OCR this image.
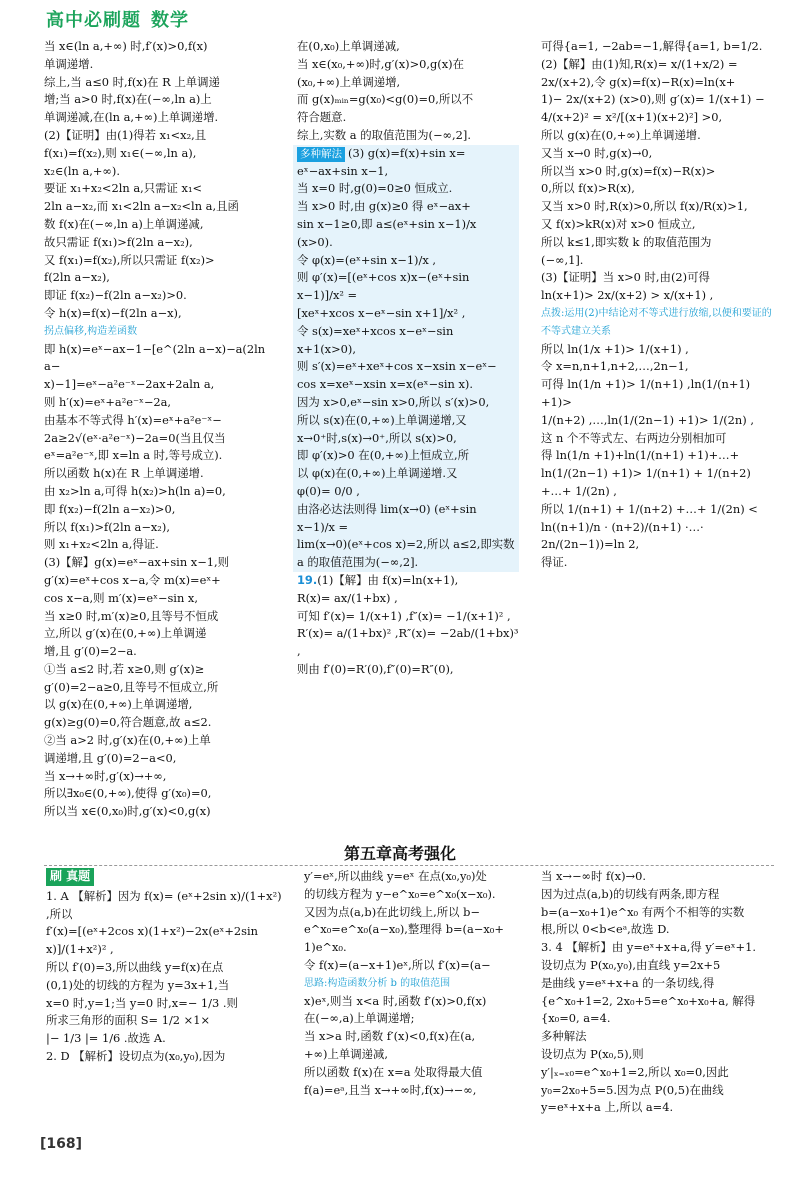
高中必刷题 数学

当 x∈(ln a,+∞) 时,f′(x)>0,f(x)

单调递增.

综上,当 a≤0 时,f(x)在 R 上单调递

增;当 a>0 时,f(x)在(−∞,ln a)上

单调递减,在(ln a,+∞)上单调递增.

(2)【证明】由(1)得若 x₁<x₂,且

f(x₁)=f(x₂),则 x₁∈(−∞,ln a),

x₂∈(ln a,+∞).

要证 x₁+x₂<2ln a,只需证 x₁<

2ln a−x₂,而 x₁<2ln a−x₂<ln a,且函

数 f(x)在(−∞,ln a)上单调递减,

故只需证 f(x₁)>f(2ln a−x₂),

又 f(x₁)=f(x₂),所以只需证 f(x₂)>

f(2ln a−x₂),

即证 f(x₂)−f(2ln a−x₂)>0.

令 h(x)=f(x)−f(2ln a−x),

拐点偏移,构造差函数

即 h(x)=eˣ−ax−1−[e^(2ln a−x)−a(2ln a−

x)−1]=eˣ−a²e⁻ˣ−2ax+2aln a,

则 h′(x)=eˣ+a²e⁻ˣ−2a,

由基本不等式得 h′(x)=eˣ+a²e⁻ˣ−

2a≥2√(eˣ·a²e⁻ˣ)−2a=0(当且仅当

eˣ=a²e⁻ˣ,即 x=ln a 时,等号成立).

所以函数 h(x)在 R 上单调递增.

由 x₂>ln a,可得 h(x₂)>h(ln a)=0,

即 f(x₂)−f(2ln a−x₂)>0,

所以 f(x₁)>f(2ln a−x₂),

则 x₁+x₂<2ln a,得证.

(3)【解】g(x)=eˣ−ax+sin x−1,则

g′(x)=eˣ+cos x−a,令 m(x)=eˣ+

cos x−a,则 m′(x)=eˣ−sin x,

当 x≥0 时,m′(x)≥0,且等号不恒成

立,所以 g′(x)在(0,+∞)上单调递

增,且 g′(0)=2−a.

①当 a≤2 时,若 x≥0,则 g′(x)≥

g′(0)=2−a≥0,且等号不恒成立,所

以 g(x)在(0,+∞)上单调递增,

g(x)≥g(0)=0,符合题意,故 a≤2.

②当 a>2 时,g′(x)在(0,+∞)上单

调递增,且 g′(0)=2−a<0,

当 x→+∞时,g′(x)→+∞,

所以∃x₀∈(0,+∞),使得 g′(x₀)=0,

所以当 x∈(0,x₀)时,g′(x)<0,g(x)

在(0,x₀)上单调递减,

当 x∈(x₀,+∞)时,g′(x)>0,g(x)在

(x₀,+∞)上单调递增,

而 g(x)ₘᵢₙ=g(x₀)<g(0)=0,所以不

符合题意.

综上,实数 a 的取值范围为(−∞,2].

多种解法 (3) g(x)=f(x)+sin x=

eˣ−ax+sin x−1,

当 x=0 时,g(0)=0≥0 恒成立.

当 x>0 时,由 g(x)≥0 得 eˣ−ax+

sin x−1≥0,即 a≤(eˣ+sin x−1)/x (x>0).

令 φ(x)=(eˣ+sin x−1)/x ,

则 φ′(x)=[(eˣ+cos x)x−(eˣ+sin x−1)]/x² =

[xeˣ+xcos x−eˣ−sin x+1]/x² ,

令 s(x)=xeˣ+xcos x−eˣ−sin x+1(x>0),

则 s′(x)=eˣ+xeˣ+cos x−xsin x−eˣ−

cos x=xeˣ−xsin x=x(eˣ−sin x).

因为 x>0,eˣ−sin x>0,所以 s′(x)>0,

所以 s(x)在(0,+∞)上单调递增,又

x→0⁺时,s(x)→0⁺,所以 s(x)>0,

即 φ′(x)>0 在(0,+∞)上恒成立,所

以 φ(x)在(0,+∞)上单调递增.又

φ(0)= 0/0 ,

由洛必达法则得 lim(x→0) (eˣ+sin x−1)/x =

lim(x→0)(eˣ+cos x)=2,所以 a≤2,即实数

a 的取值范围为(−∞,2].

19.(1)【解】由 f(x)=ln(x+1),

R(x)= ax/(1+bx) ,

可知 f′(x)= 1/(x+1) ,f″(x)= −1/(x+1)² ,

R′(x)= a/(1+bx)² ,R″(x)= −2ab/(1+bx)³ ,

则由 f′(0)=R′(0),f″(0)=R″(0),

可得{a=1, −2ab=−1,解得{a=1, b=1/2.

(2)【解】由(1)知,R(x)= x/(1+x/2) =

2x/(x+2),令 g(x)=f(x)−R(x)=ln(x+

1)− 2x/(x+2) (x>0),则 g′(x)= 1/(x+1) −

4/(x+2)² = x²/[(x+1)(x+2)²] >0,

所以 g(x)在(0,+∞)上单调递增.

又当 x→0 时,g(x)→0,

所以当 x>0 时,g(x)=f(x)−R(x)>

0,所以 f(x)>R(x),

又当 x>0 时,R(x)>0,所以 f(x)/R(x)>1,

又 f(x)>kR(x)对 x>0 恒成立,

所以 k≤1,即实数 k 的取值范围为

(−∞,1].

(3)【证明】当 x>0 时,由(2)可得

ln(x+1)> 2x/(x+2) > x/(x+1) ,

点拨:运用(2)中结论对不等式进行放缩,以便和要证的不等式建立关系

所以 ln(1/x +1)> 1/(x+1) ,

令 x=n,n+1,n+2,…,2n−1,

可得 ln(1/n +1)> 1/(n+1) ,ln(1/(n+1) +1)>

1/(n+2) ,…,ln(1/(2n−1) +1)> 1/(2n) ,

这 n 个不等式左、右两边分别相加可

得 ln(1/n +1)+ln(1/(n+1) +1)+…+

ln(1/(2n−1) +1)> 1/(n+1) + 1/(n+2) +…+ 1/(2n) ,

所以 1/(n+1) + 1/(n+2) +…+ 1/(2n) <

ln((n+1)/n · (n+2)/(n+1) ·…· 2n/(2n−1))=ln 2,

得证.

第五章高考强化
刷 真题

1. A 【解析】因为 f(x)= (eˣ+2sin x)/(1+x²) ,所以

f′(x)=[(eˣ+2cos x)(1+x²)−2x(eˣ+2sin x)]/(1+x²)² ,

所以 f′(0)=3,所以曲线 y=f(x)在点

(0,1)处的切线的方程为 y=3x+1,当

x=0 时,y=1;当 y=0 时,x=− 1/3 .则

所求三角形的面积 S= 1/2 ×1×

|− 1/3 |= 1/6 .故选 A.

2. D 【解析】设切点为(x₀,y₀),因为

y′=eˣ,所以曲线 y=eˣ 在点(x₀,y₀)处

的切线方程为 y−e^x₀=e^x₀(x−x₀).

又因为点(a,b)在此切线上,所以 b−

e^x₀=e^x₀(a−x₀),整理得 b=(a−x₀+

1)e^x₀.

令 f(x)=(a−x+1)eˣ,所以 f′(x)=(a−

思路:构造函数分析 b 的取值范围

x)eˣ,则当 x<a 时,函数 f′(x)>0,f(x)

在(−∞,a)上单调递增;

当 x>a 时,函数 f′(x)<0,f(x)在(a,

+∞)上单调递减,

所以函数 f(x)在 x=a 处取得最大值

f(a)=eᵃ,且当 x→+∞时,f(x)→−∞,

当 x→−∞时 f(x)→0.

因为过点(a,b)的切线有两条,即方程

b=(a−x₀+1)e^x₀ 有两个不相等的实数

根,所以 0<b<eᵃ,故选 D.

3. 4 【解析】由 y=eˣ+x+a,得 y′=eˣ+1.

设切点为 P(x₀,y₀),由直线 y=2x+5

是曲线 y=eˣ+x+a 的一条切线,得

{e^x₀+1=2, 2x₀+5=e^x₀+x₀+a, 解得{x₀=0, a=4.

多种解法

设切点为 P(x₀,5),则

y′|ₓ₌ₓ₀=e^x₀+1=2,所以 x₀=0,因此

y₀=2x₀+5=5.因为点 P(0,5)在曲线

y=eˣ+x+a 上,所以 a=4.

[168]
